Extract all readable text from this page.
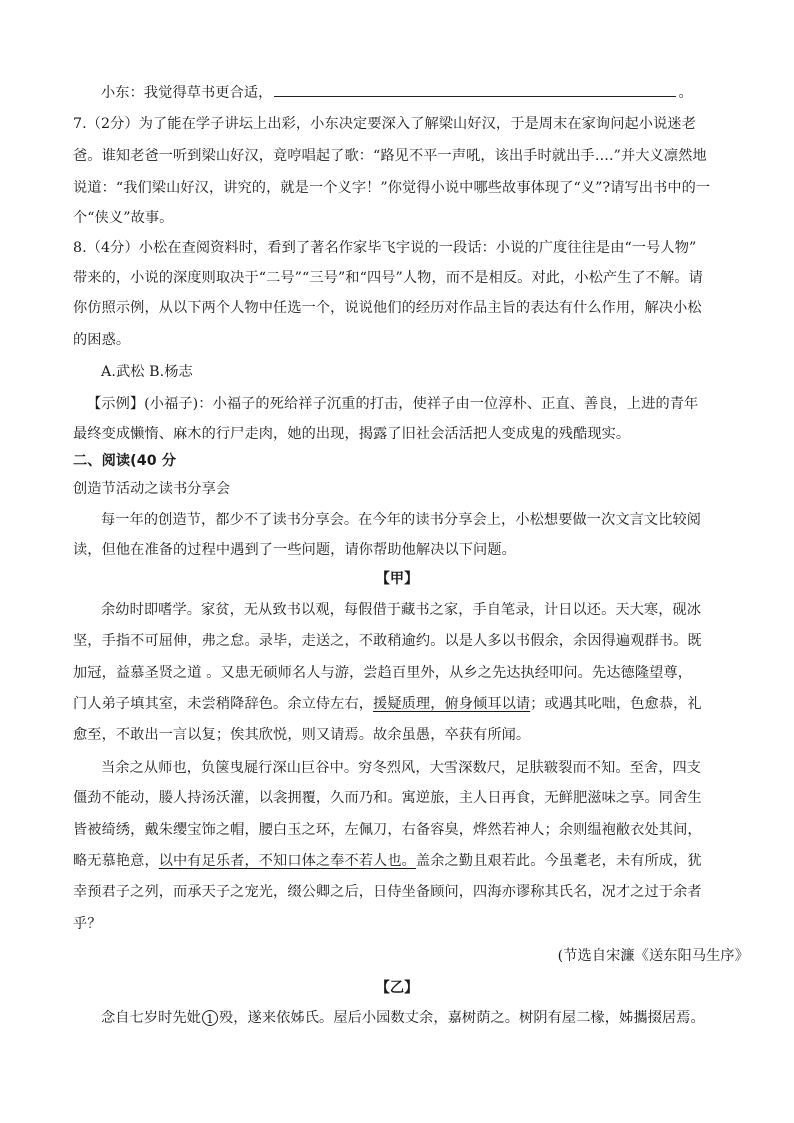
小东：我觉得草书更合适，	。
7.（2分）为了能在学子讲坛上出彩，小东决定要深入了解梁山好汉，于是周末在家询问起小说迷老
爸。谁知老爸一听到梁山好汉，竟哼唱起了歌：“路见不平一声吼，该出手时就出手….”并大义凛然地
说道：“我们梁山好汉，讲究的，就是一个义字！”你觉得小说中哪些故事体现了“义”?请写出书中的一
个“侠义”故事。
8.（4分）小松在查阅资料时，看到了著名作家毕飞宇说的一段话：小说的广度往往是由“一号人物”
带来的，小说的深度则取决于“二号”“三号”和“四号”人物，而不是相反。对此，小松产生了不解。请
你仿照示例，从以下两个人物中任选一个，说说他们的经历对作品主旨的表达有什么作用，解决小松
的困惑。
A.武松 B.杨志
【示例】(小福子)：小福子的死给祥子沉重的打击，使祥子由一位淳朴、正直、善良，上进的青年
最终变成懒惰、麻木的行尸走肉，她的出现，揭露了旧社会活活把人变成鬼的残酷现实。
二、阅读(40 分
创造节活动之读书分享会
每一年的创造节，都少不了读书分享会。在今年的读书分享会上，小松想要做一次文言文比较阅
读，但他在准备的过程中遇到了一些问题，请你帮助他解决以下问题。
【甲】
余幼时即嗜学。家贫，无从致书以观，每假借于藏书之家，手自笔录，计日以还。天大寒，砚冰
坚，手指不可屈伸，弗之怠。录毕，走送之，不敢稍逾约。以是人多以书假余，余因得遍观群书。既
加冠，益慕圣贤之道 。又患无硕师名人与游，尝趋百里外，从乡之先达执经叩问。先达德隆望尊，
门人弟子填其室，未尝稍降辞色。余立侍左右，援疑质理，俯身倾耳以请；或遇其叱咄，色愈恭，礼
愈至，不敢出一言以复；俟其欣悦，则又请焉。故余虽愚，卒获有所闻。
当余之从师也，负箧曳屣行深山巨谷中。穷冬烈风，大雪深数尺，足肤皲裂而不知。至舍，四支
僵劲不能动，媵人持汤沃灌，以衾拥覆，久而乃和。寓逆旅，主人日再食，无鲜肥滋味之享。同舍生
皆被绮绣，戴朱缨宝饰之帽，腰白玉之环，左佩刀，右备容臭，烨然若神人；余则缊袍敝衣处其间，
略无慕艳意，以中有足乐者，不知口体之奉不若人也。盖余之勤且艰若此。今虽耄老，未有所成，犹
幸预君子之列，而承天子之宠光，缀公卿之后，日侍坐备顾问，四海亦谬称其氏名，况才之过于余者
乎？
(节选自宋濂《送东阳马生序》
【乙】
念自七岁时先妣 1 殁，遂来依姊氏。屋后小园数丈余，嘉树荫之。树阴有屋二椽，姊攜掇居焉。
